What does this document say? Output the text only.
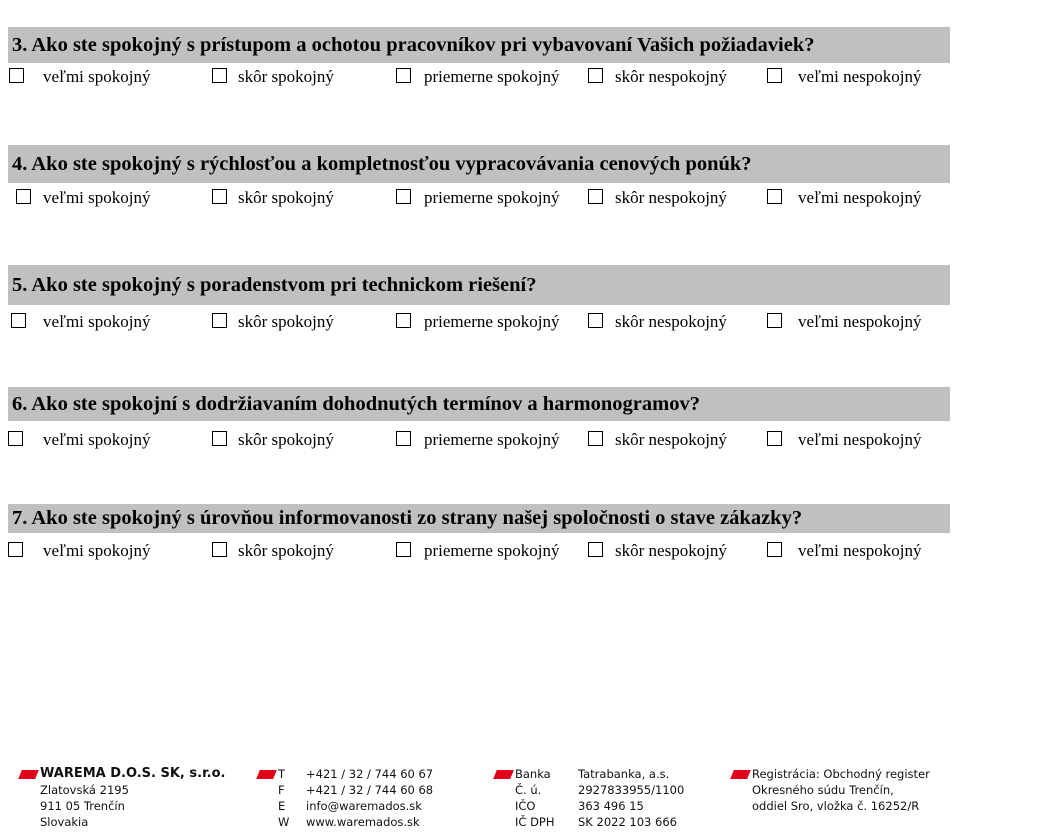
3. Ako ste spokojný s prístupom a ochotou pracovníkov pri vybavovaní Vašich požiadaviek?
veľmi spokojný	skôr spokojný	priemerne spokojný	skôr nespokojný	veľmi nespokojný
4. Ako ste spokojný s rýchlosťou a kompletnosťou vypracovávania cenových ponúk?
veľmi spokojný	skôr spokojný	priemerne spokojný	skôr nespokojný	veľmi nespokojný
5. Ako ste spokojný s poradenstvom pri technickom riešení?
veľmi spokojný	skôr spokojný	priemerne spokojný	skôr nespokojný	veľmi nespokojný
6. Ako ste spokojní s dodržiavaním dohodnutých termínov a harmonogramov?
veľmi spokojný	skôr spokojný	priemerne spokojný	skôr nespokojný	veľmi nespokojný
7. Ako ste spokojný s úrovňou informovanosti zo strany našej spoločnosti o stave zákazky?
veľmi spokojný	skôr spokojný	priemerne spokojný	skôr nespokojný	veľmi nespokojný
WAREMA D.O.S. SK, s.r.o.
Zlatovská 2195
911 05 Trenčín
Slovakia
T +421 / 32 / 744 60 67
F +421 / 32 / 744 60 68
E info@waremados.sk
W www.waremados.sk
Banka Tatrabanka, a.s.
Č. ú.	2927833955/1100
IČO	363 496 15
IČ DPH SK 2022 103 666
Registrácia: Obchodný register
Okresného súdu Trenčín,
oddiel Sro, vložka č. 16252/R
